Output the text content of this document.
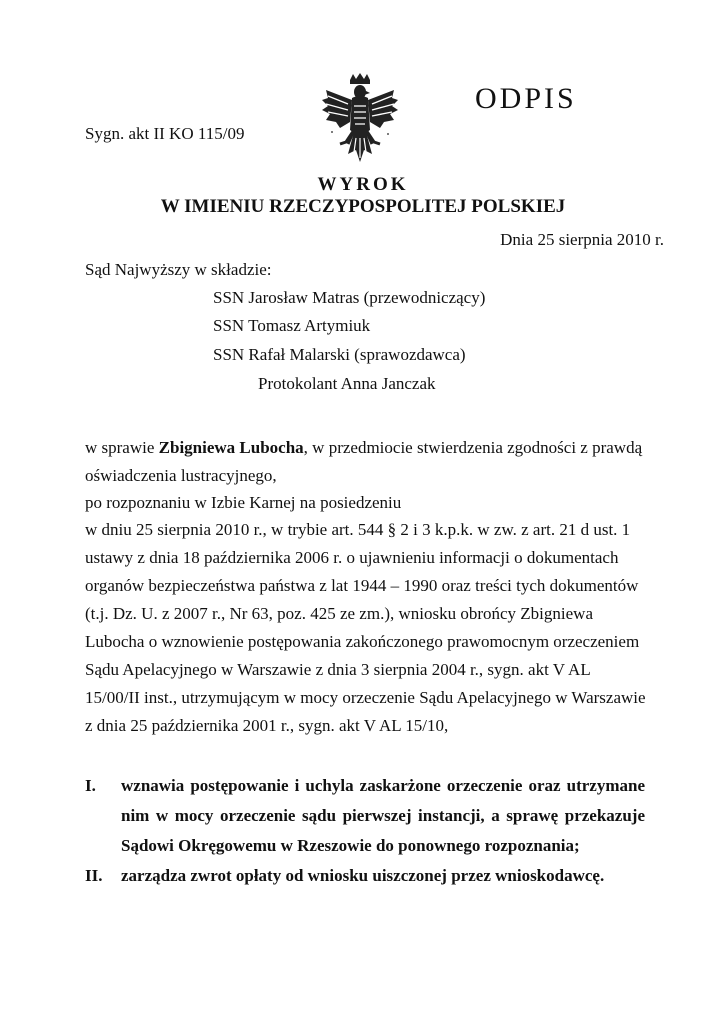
Sygn. akt II KO 115/09
ODPIS
WYROK
W IMIENIU RZECZYPOSPOLITEJ POLSKIEJ
Dnia 25 sierpnia 2010 r.
Sąd Najwyższy w składzie:
SSN Jarosław Matras (przewodniczący)
SSN Tomasz Artymiuk
SSN Rafał Malarski (sprawozdawca)
Protokolant Anna Janczak
w sprawie Zbigniewa Lubocha, w przedmiocie stwierdzenia zgodności z prawdą
oświadczenia lustracyjnego,
po rozpoznaniu w Izbie Karnej na posiedzeniu
w dniu 25 sierpnia 2010 r., w trybie art. 544 § 2 i 3 k.p.k. w zw. z art. 21 d ust. 1
ustawy z dnia 18 października 2006 r. o ujawnieniu informacji o dokumentach
organów bezpieczeństwa państwa z lat 1944 – 1990 oraz treści tych dokumentów
(t.j. Dz. U. z 2007 r., Nr 63, poz. 425 ze zm.), wniosku obrońcy Zbigniewa
Lubocha o wznowienie postępowania zakończonego prawomocnym orzeczeniem
Sądu Apelacyjnego w Warszawie z dnia 3 sierpnia 2004 r., sygn. akt V AL
15/00/II inst., utrzymującym w mocy orzeczenie Sądu Apelacyjnego w Warszawie
z dnia 25 października 2001 r., sygn. akt V AL 15/10,
I. wznawia postępowanie i uchyla zaskarżone orzeczenie oraz utrzymane
nim w mocy orzeczenie sądu pierwszej instancji, a sprawę przekazuje
Sądowi Okręgowemu w Rzeszowie do ponownego rozpoznania;
II. zarządza zwrot opłaty od wniosku uiszczonej przez wnioskodawcę.
